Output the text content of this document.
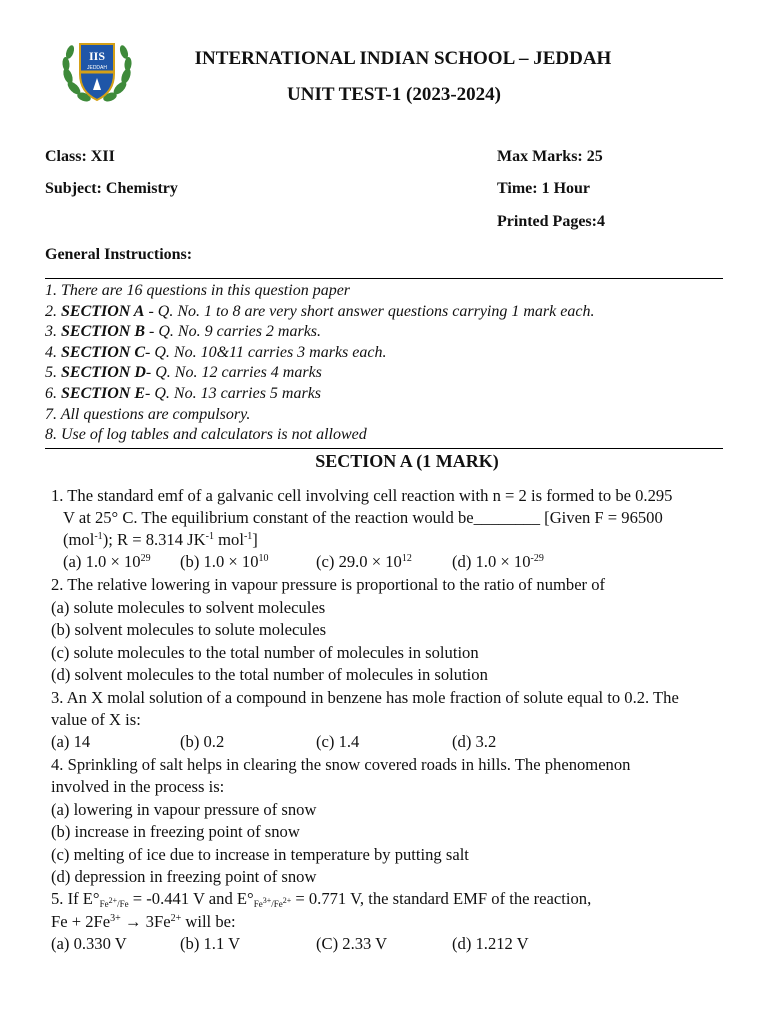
IIS
JEDDAH	INTERNATIONAL INDIAN SCHOOL – JEDDAH
UNIT TEST-1 (2023-2024)
Class: XII
Subject: Chemistry
Max Marks: 25
Time: 1 Hour
Printed Pages:4
General Instructions:
1. There are 16 questions in this question paper
2. SECTION A - Q. No. 1 to 8 are very short answer questions carrying 1 mark each.
3. SECTION B - Q. No. 9 carries 2 marks.
4. SECTION C- Q. No. 10&11 carries 3 marks each.
5. SECTION D- Q. No. 12 carries 4 marks
6. SECTION E- Q. No. 13 carries 5 marks
7. All questions are compulsory.
8. Use of log tables and calculators is not allowed
SECTION A (1 MARK)
1. The standard emf of a galvanic cell involving cell reaction with n = 2 is formed to be 0.295
V at 25° C. The equilibrium constant of the reaction would be________ [Given F = 96500
(mol$^{-1}$); R = 8.314 $JK^{-1}$ mol$^{-1}$]
(a) $1.0 \times 10^{29}$ (b) $1.0 \times 10^{10}$	(c) $29.0 \times 10^{12}$ (d) $1.0 \times 10^{-29}$
2. The relative lowering in vapour pressure is proportional to the ratio of number of
(a) solute molecules to solvent molecules
(b) solvent molecules to solute molecules
(c) solute molecules to the total number of molecules in solution
(d) solvent molecules to the total number of molecules in solution
3. An X molal solution of a compound in benzene has mole fraction of solute equal to 0.2. The
value of X is:
(a) 14	(b) 0.2	(c) 1.4	(d) 3.2
4. Sprinkling of salt helps in clearing the snow covered roads in hills. The phenomenon
involved in the process is:
(a) lowering in vapour pressure of snow
(b) increase in freezing point of snow
(c) melting of ice due to increase in temperature by putting salt
(d) depression in freezing point of snow
5. If $E^\circ_{Fe2+/Fe} = -0.441$ V and $E^\circ_{Fe3+/Fe2+} = 0.771$ V, the standard EMF of the reaction,
$Fe + 2Fe^{3+} \to 3Fe^{2+}$ will be:
(a) 0.330 V	(b) 1.1 V	(C) 2.33 V	(d) 1.212 V
